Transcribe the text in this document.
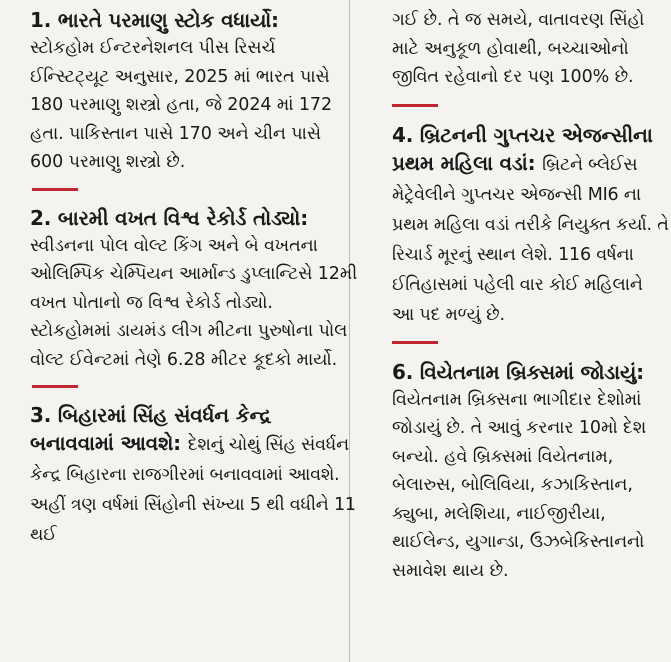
1. ભારતે પરમાણુ સ્ટોક વધાર્યો:

સ્ટોકહોમ ઈન્ટરનેશનલ પીસ રિસર્ચ ઈન્સ્ટિટ્યૂટ અનુસાર, 2025 માં ભારત પાસે 180 પરમાણુ શસ્ત્રો હતા, જે 2024 માં 172 હતા. પાકિસ્તાન પાસે 170 અને ચીન પાસે 600 પરમાણુ શસ્ત્રો છે.

2. બારમી વખત વિશ્વ રેકોર્ડ તોડ્યો:

સ્વીડનના પોલ વોલ્ટ કિંગ અને બે વખતના ઓલિમ્પિક ચેમ્પિયન આર્માન્ડ ડુપ્લાન્ટિસે 12મી વખત પોતાનો જ વિશ્વ રેકોર્ડ તોડ્યો. સ્ટોકહોમમાં ડાયમંડ લીગ મીટના પુરુષોના પોલ વોલ્ટ ઈવેન્ટમાં તેણે 6.28 મીટર કૂદકો માર્યો.

3. બિહારમાં સિંહ સંવર્ધન કેન્દ્ર બનાવવામાં આવશે: દેશનું ચોથું સિંહ સંવર્ધન કેન્દ્ર બિહારના રાજગીરમાં બનાવવામાં આવશે. અહીં ત્રણ વર્ષમાં સિંહોની સંખ્યા 5 થી વધીને 11 થઈ

ગઈ છે. તે જ સમયે, વાતાવરણ સિંહો માટે અનુકૂળ હોવાથી, બચ્ચાઓનો જીવિત રહેવાનો દર પણ 100% છે.

4. બ્રિટનની ગુપ્તચર એજન્સીના પ્રથમ મહિલા વડાં: બ્રિટને બ્લેઈસ મેટ્રેવેલીને ગુપ્તચર એજન્સી MI6 ના પ્રથમ મહિલા વડાં તરીકે નિયુક્ત કર્યા. તે રિચાર્ડ મૂરનું સ્થાન લેશે. 116 વર્ષના ઈતિહાસમાં પહેલી વાર કોઈ મહિલાને આ પદ મળ્યું છે.

6. વિયેતનામ બ્રિક્સમાં જોડાયું:

વિયેતનામ બ્રિક્સના ભાગીદાર દેશોમાં જોડાયું છે. તે આવું કરનાર 10મો દેશ બન્યો. હવે બ્રિક્સમાં વિયેતનામ, બેલારુસ, બોલિવિયા, કઝાકિસ્તાન, ક્યુબા, મલેશિયા, નાઈજીરીયા, થાઈલેન્ડ, યુગાન્ડા, ઉઝબેકિસ્તાનનો સમાવેશ થાય છે.
